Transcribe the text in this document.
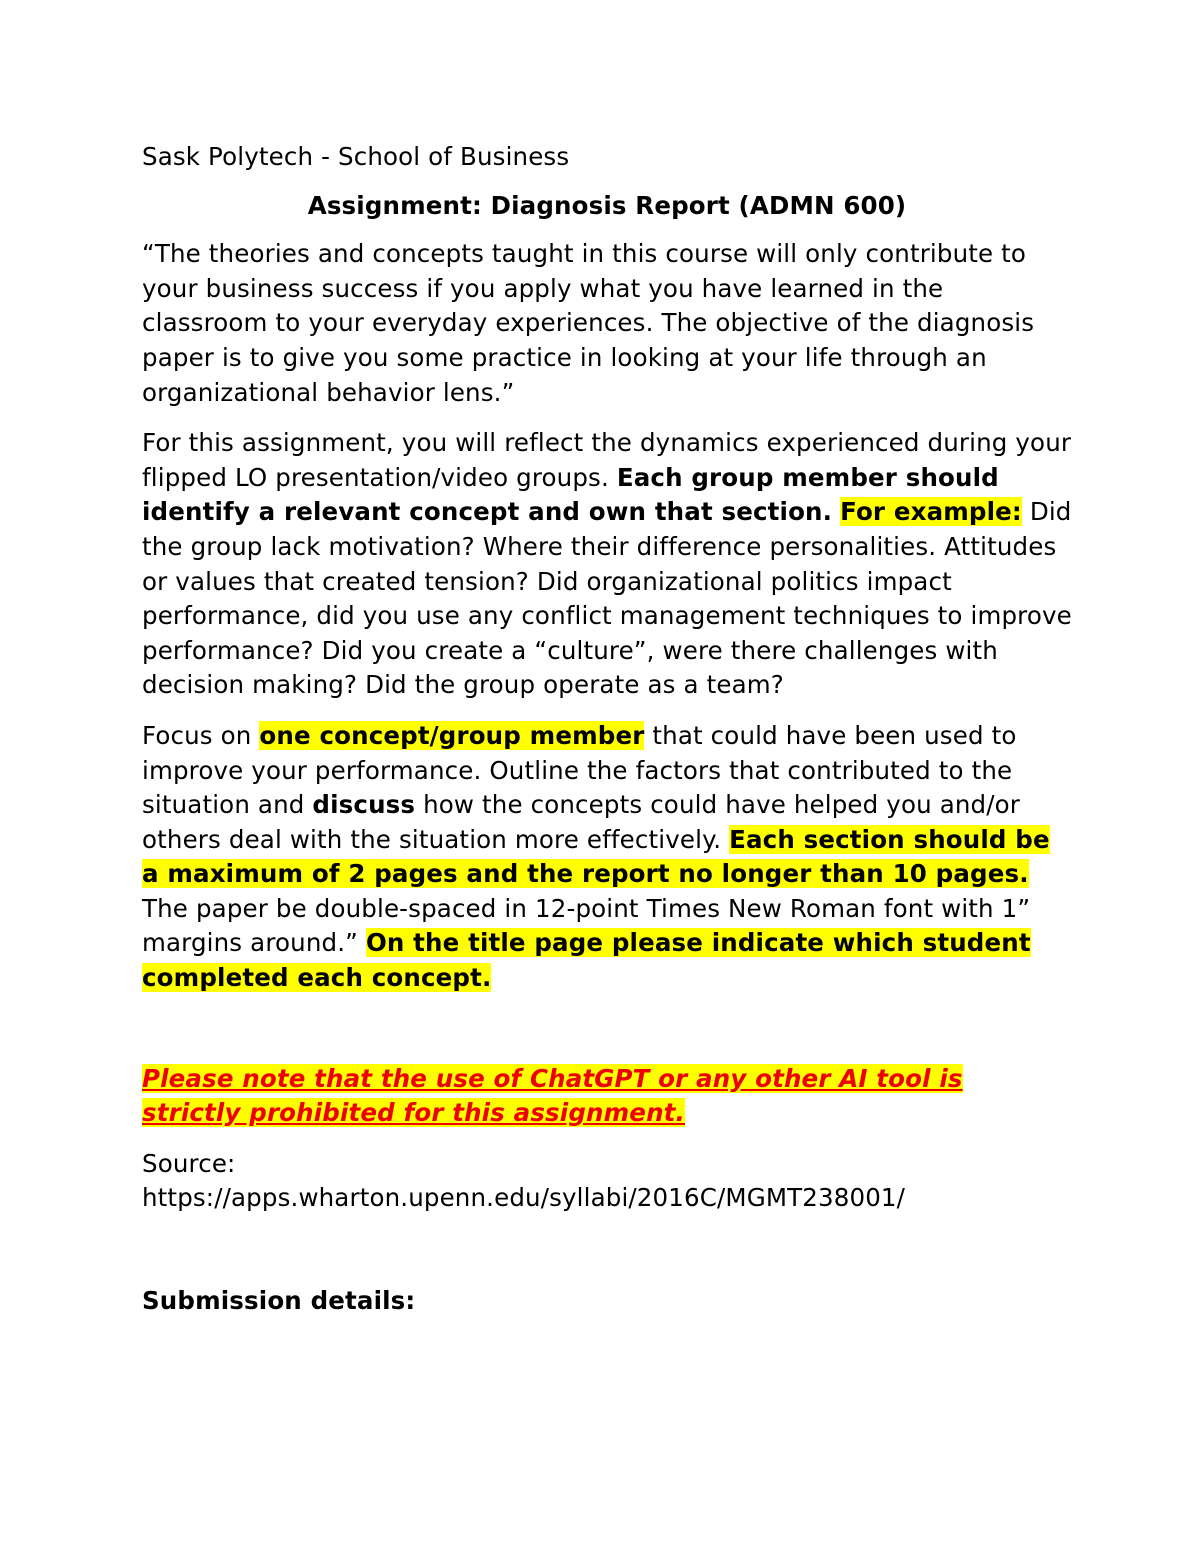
Sask Polytech - School of Business

Assignment: Diagnosis Report (ADMN 600)

“The theories and concepts taught in this course will only contribute to your business success if you apply what you have learned in the classroom to your everyday experiences. The objective of the diagnosis paper is to give you some practice in looking at your life through an organizational behavior lens.”

For this assignment, you will reflect the dynamics experienced during your flipped LO presentation/video groups. Each group member should identify a relevant concept and own that section. For example: Did the group lack motivation? Where their difference personalities. Attitudes or values that created tension? Did organizational politics impact performance, did you use any conflict management techniques to improve performance? Did you create a “culture”, were there challenges with decision making? Did the group operate as a team?

Focus on one concept/group member that could have been used to improve your performance. Outline the factors that contributed to the situation and discuss how the concepts could have helped you and/or others deal with the situation more effectively. Each section should be a maximum of 2 pages and the report no longer than 10 pages. The paper be double-spaced in 12-point Times New Roman font with 1” margins around.” On the title page please indicate which student completed each concept.

Please note that the use of ChatGPT or any other AI tool is strictly prohibited for this assignment.

Source:

https://apps.wharton.upenn.edu/syllabi/2016C/MGMT238001/

Submission details:
